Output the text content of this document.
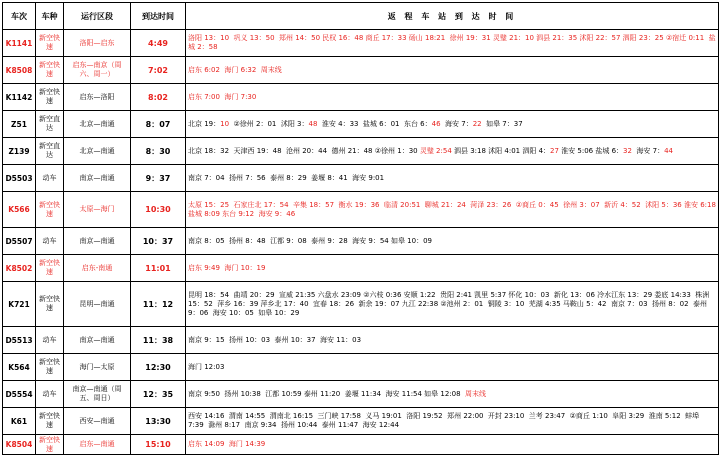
车次	车种	运行区段	到达时间	返 程 车 站 到 达 时 间
K1141	新空快速	洛阳—启东	4:49	洛阳 13：10  巩义 13：50  郑州 14：50 民权 16：48 商丘 17：33 砀山 18:21  徐州 19：31 灵璧 21：10 泗县 21：35 沭阳 22：57 泗阳 23：25 ②宿迁 0:11  盐城 2：58
K8508	新空快速	启东—南京（周六、周一）	7:02	启东 6:02  海门 6:32  周末线
K1142	新空快速	启东—洛阳	8:02	启东 7:00  海门 7:30
Z51	新空直达	北京—南通	8：07	北京 19：10  ②徐州 2：01  沭阳 3：48  淮安 4：33  盐城 6：01  东台 6：46  海安 7：22  如皋 7：37
Z139	新空直达	北京—南通	8：30	北京 18：32  天津西 19：48  沧州 20：44  德州 21：48 ②徐州 1：30 灵璧 2:54 泗县 3:18 沭阳 4:01 泗阳 4：27 淮安 5:06 盐城 6：32  海安 7：44
D5503	动车	南京—南通	9：37	南京 7：04  扬州 7：56  泰州 8：29  姜堰 8：41  海安 9:01
K566	新空快速	太原—海门	10:30	太原 15：25  石家庄北 17：54  辛集 18：57  衡水 19：36  临清 20:51  聊城 21：24  菏泽 23：26  ②商丘 0：45  徐州 3：07  新沂 4：52  沭阳 5：36 淮安 6:18 盐城 8:09 东台 9:12  海安 9：46
D5507	动车	南京—南通	10：37	南京 8：05  扬州 8：48  江都 9：08  泰州 9：28  海安 9：54 如皋 10：09
K8502	新空快速	启东-南通	11:01	启东 9:49  海门 10：19
K721	新空快速	昆明—南通	11：12	昆明 18：54  曲靖 20：29  宣威 21:35 六盘水 23:09 ②六枝 0:36 安顺 1:22  贵阳 2:41 凯里 5:37 怀化 10：03  新化 13：06 冷水江东 13：29 娄底 14:33  株洲 15：52  萍乡 16：39 萍乡北 17：40  宜春 18：26  新余 19：07 九江 22:38 ②池州 2：01  铜陵 3：10  芜湖 4:35 马鞍山 5：42  南京 7：03  扬州 8：02  泰州 9：06  海安 10：05  如皋 10：29
D5513	动车	南京—南通	11：38	南京 9：15  扬州 10：03  泰州 10：37  海安 11：03
K564	新空快速	海门—太原	12:30	海门 12:03
D5554	动车	南京—南通（周五、周日）	12：35	南京 9:50  扬州 10:38  江都 10:59 泰州 11:20  姜堰 11:34  海安 11:54 如皋 12:08  周末线
K61	新空快速	西安—南通	13:30	西安 14:16  渭南 14:55  渭南北 16:15  三门峡 17:58  义马 19:01  洛阳 19:52  郑州 22:00  开封 23:10  兰考 23:47  ②商丘 1:10  阜阳 3:29  淮南 5:12  蚌埠 7:39  滁州 8:17  南京 9:34  扬州 10:44  泰州 11:47  海安 12:44
K8504	新空快速	启东—南通	15:10	启东 14:09  海门 14:39
